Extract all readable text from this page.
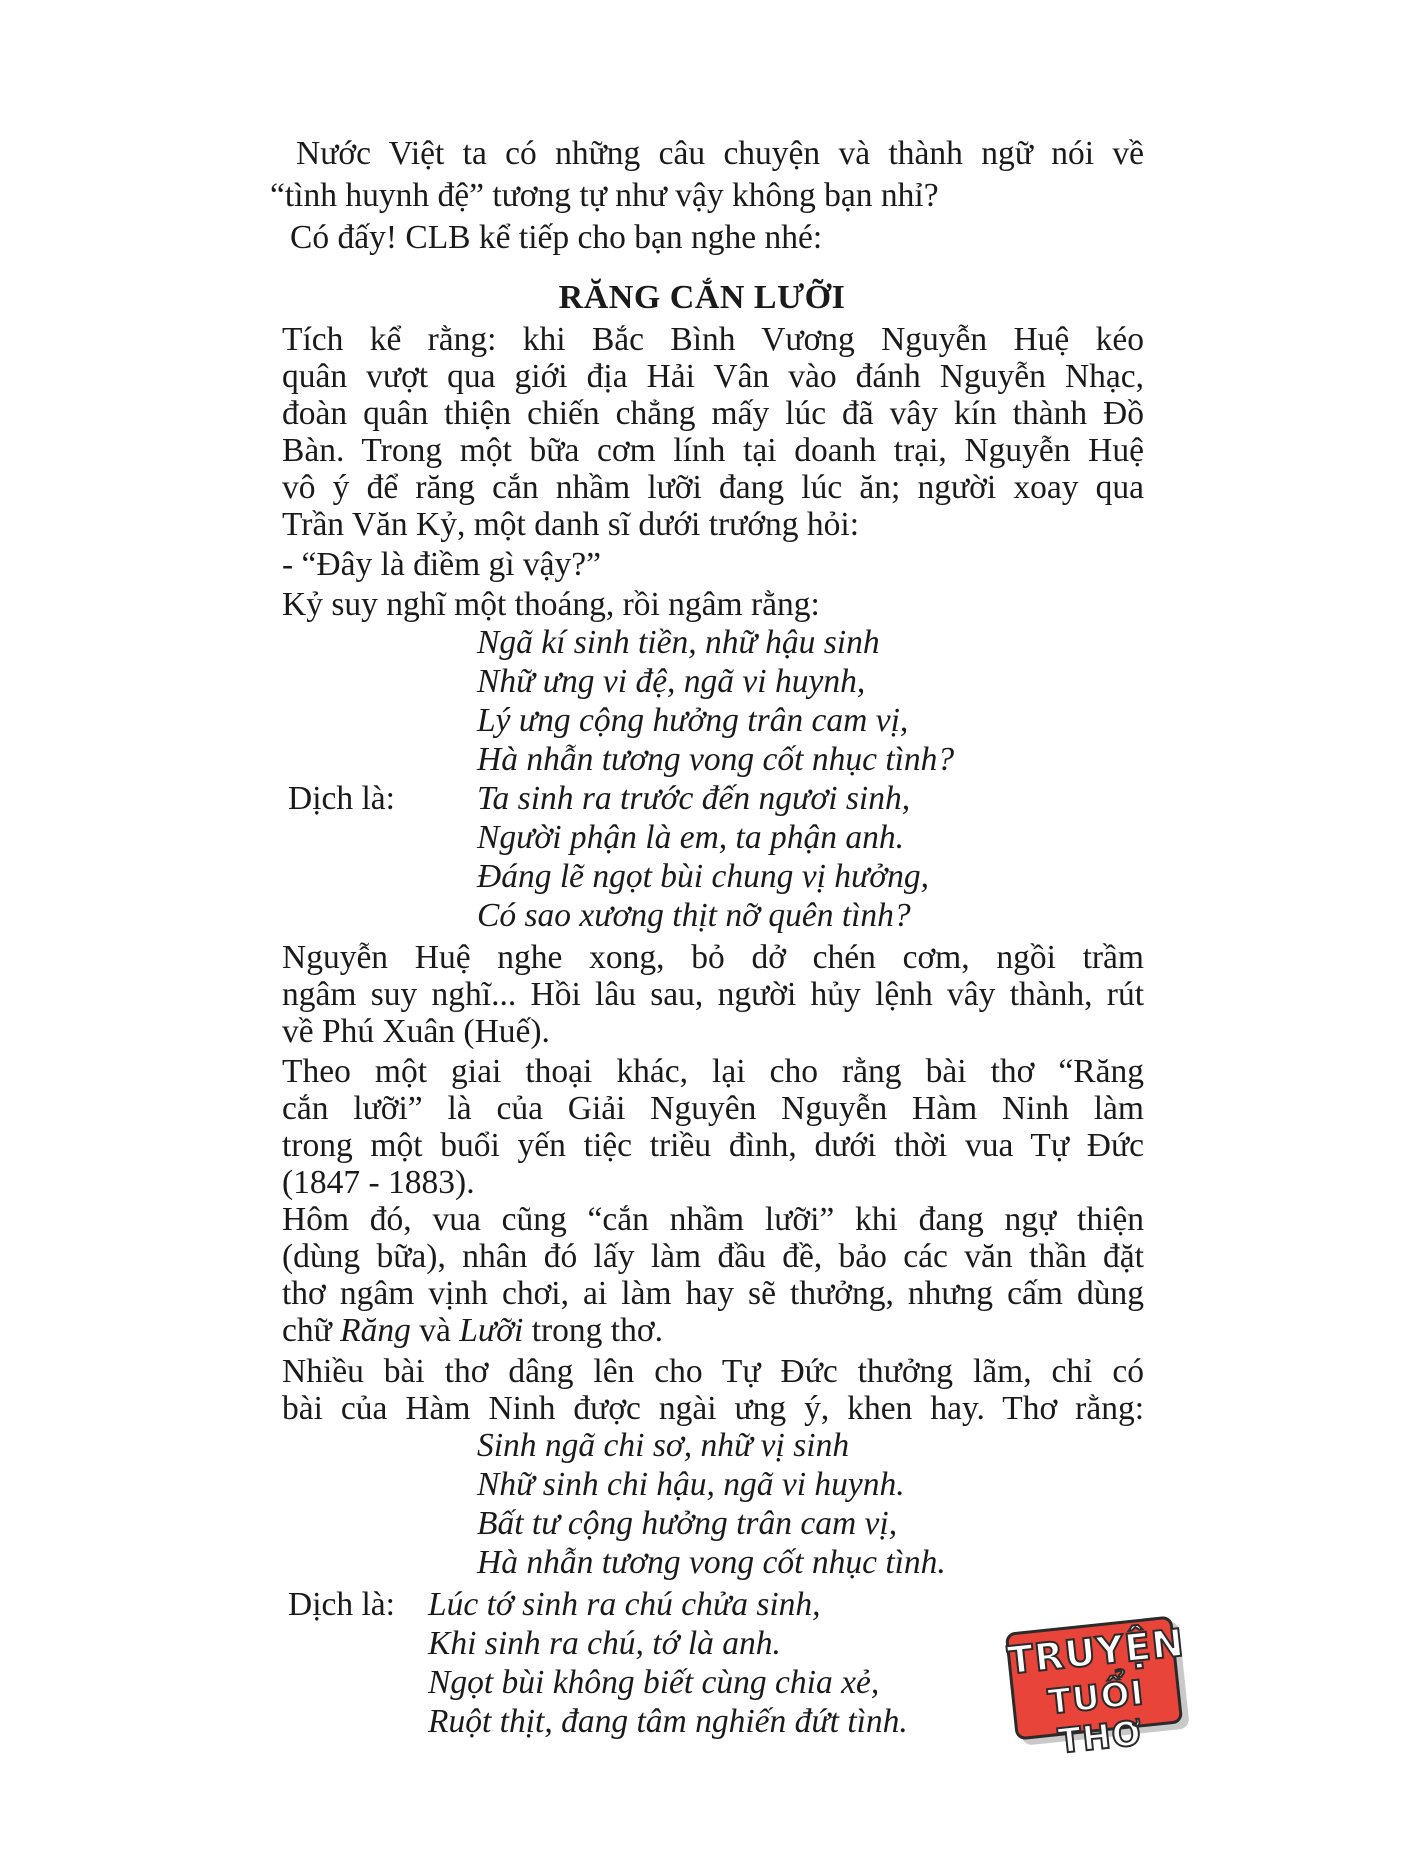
Nước Việt ta có những câu chuyện và thành ngữ nói về
“tình huynh đệ” tương tự như vậy không bạn nhỉ?
Có đấy! CLB kể tiếp cho bạn nghe nhé:
RĂNG CẮN LƯỠI
Tích kể rằng: khi Bắc Bình Vương Nguyễn Huệ kéo
quân vượt qua giới địa Hải Vân vào đánh Nguyễn Nhạc,
đoàn quân thiện chiến chẳng mấy lúc đã vây kín thành Đồ
Bàn. Trong một bữa cơm lính tại doanh trại, Nguyễn Huệ
vô ý để răng cắn nhầm lưỡi đang lúc ăn; người xoay qua
Trần Văn Kỷ, một danh sĩ dưới trướng hỏi:
- “Đây là điềm gì vậy?”
Kỷ suy nghĩ một thoáng, rồi ngâm rằng:
Ngã kí sinh tiền, nhữ hậu sinh
Nhữ ưng vi đệ, ngã vi huynh,
Lý ưng cộng hưởng trân cam vị,
Hà nhẫn tương vong cốt nhục tình?
Dịch là: Ta sinh ra trước đến ngươi sinh,
Người phận là em, ta phận anh.
Đáng lẽ ngọt bùi chung vị hưởng,
Có sao xương thịt nỡ quên tình?
Nguyễn Huệ nghe xong, bỏ dở chén cơm, ngồi trầm
ngâm suy nghĩ... Hồi lâu sau, người hủy lệnh vây thành, rút
về Phú Xuân (Huế).
Theo một giai thoại khác, lại cho rằng bài thơ “Răng
cắn lưỡi” là của Giải Nguyên Nguyễn Hàm Ninh làm
trong một buổi yến tiệc triều đình, dưới thời vua Tự Đức
(1847 - 1883).
Hôm đó, vua cũng “cắn nhầm lưỡi” khi đang ngự thiện
(dùng bữa), nhân đó lấy làm đầu đề, bảo các văn thần đặt
thơ ngâm vịnh chơi, ai làm hay sẽ thưởng, nhưng cấm dùng
chữ Răng và Lưỡi trong thơ.
Nhiều bài thơ dâng lên cho Tự Đức thưởng lãm, chỉ có
bài của Hàm Ninh được ngài ưng ý, khen hay. Thơ rằng:
Sinh ngã chi sơ, nhữ vị sinh
Nhữ sinh chi hậu, ngã vi huynh.
Bất tư cộng hưởng trân cam vị,
Hà nhẫn tương vong cốt nhục tình.
Dịch là: Lúc tớ sinh ra chú chửa sinh,
Khi sinh ra chú, tớ là anh.
Ngọt bùi không biết cùng chia xẻ,
Ruột thịt, đang tâm nghiến đứt tình.
TRUYỆN
TUỔI THƠ
